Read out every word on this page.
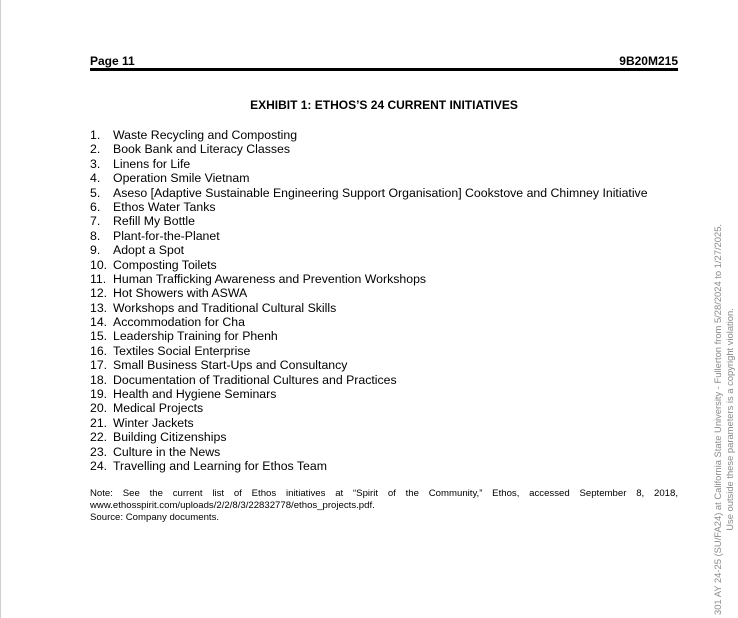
Page 11	9B20M215
EXHIBIT 1: ETHOS’S 24 CURRENT INITIATIVES
1. Waste Recycling and Composting
2. Book Bank and Literacy Classes
3. Linens for Life
4. Operation Smile Vietnam
5. Aseso [Adaptive Sustainable Engineering Support Organisation] Cookstove and Chimney Initiative
6. Ethos Water Tanks
7. Refill My Bottle
8. Plant-for-the-Planet
9. Adopt a Spot
10. Composting Toilets
11. Human Trafficking Awareness and Prevention Workshops
12. Hot Showers with ASWA
13. Workshops and Traditional Cultural Skills
14. Accommodation for Cha
15. Leadership Training for Phenh
16. Textiles Social Enterprise
17. Small Business Start-Ups and Consultancy
18. Documentation of Traditional Cultures and Practices
19. Health and Hygiene Seminars
20. Medical Projects
21. Winter Jackets
22. Building Citizenships
23. Culture in the News
24. Travelling and Learning for Ethos Team
Note: See the current list of Ethos initiatives at “Spirit of the Community,” Ethos, accessed September 8, 2018,
www.ethosspirit.com/uploads/2/2/8/3/22832778/ethos_projects.pdf.
Source: Company documents.	301 AY 24-25 (SU/FA24) at California State University - Fullerton from 5/28/2024 to 1/27/2025. Use outside these parameters is a copyright violation.
